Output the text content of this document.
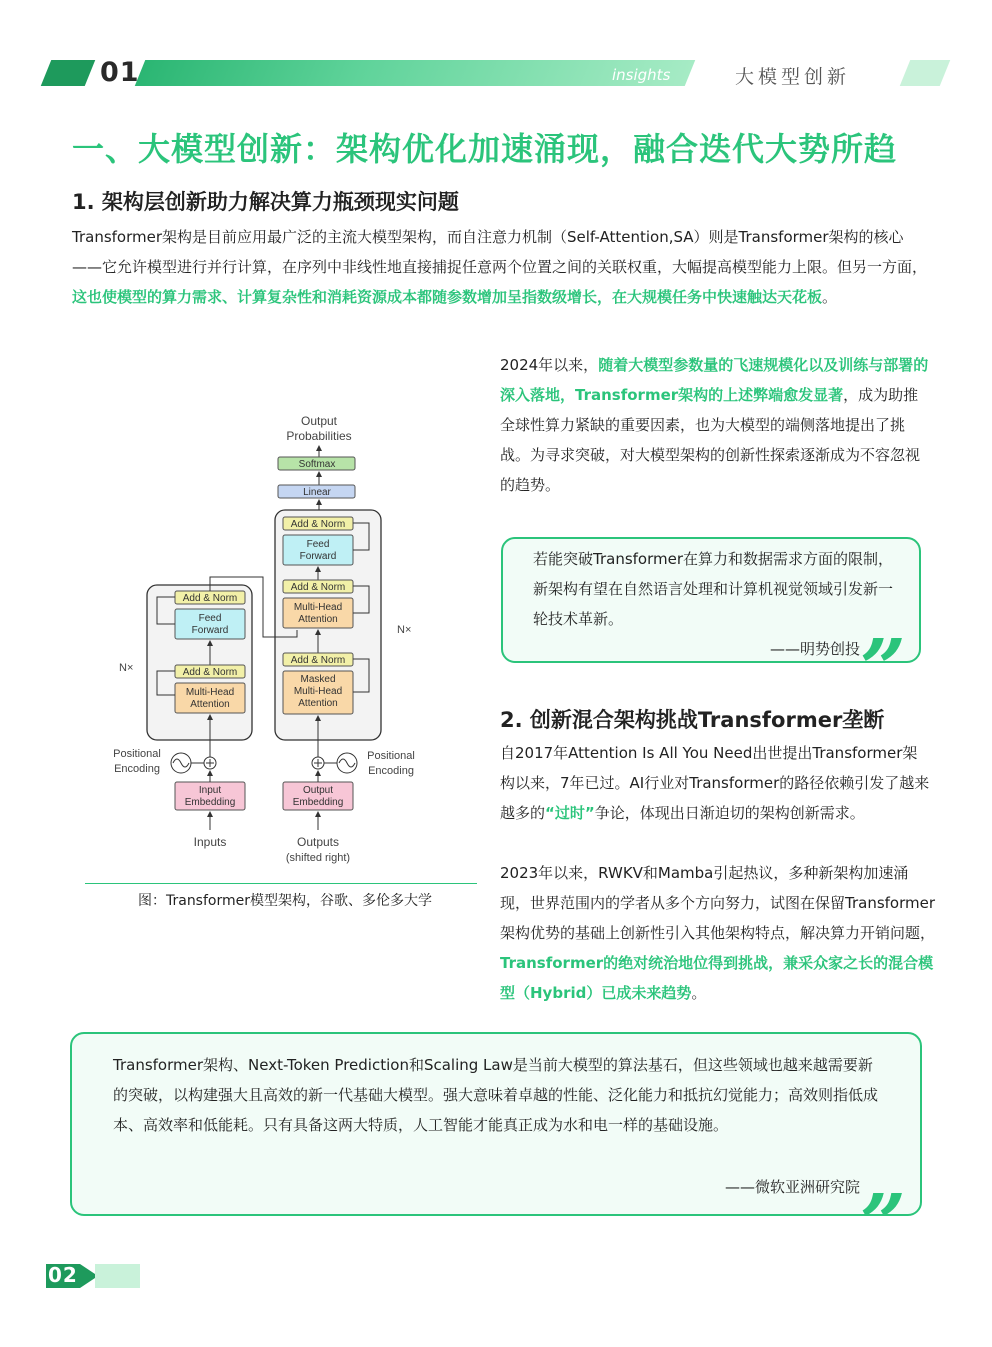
01	insights	大模型创新
一、大模型创新：架构优化加速涌现，融合迭代大势所趋
1. 架构层创新助力解决算力瓶颈现实问题
Transformer架构是目前应用最广泛的主流大模型架构，而自注意力机制（Self-Attention,SA）则是Transformer架构的核心——它允许模型进行并行计算，在序列中非线性地直接捕捉任意两个位置之间的关联权重，大幅提高模型能力上限。但另一方面，这也使模型的算力需求、计算复杂性和消耗资源成本都随参数增加呈指数级增长，在大规模任务中快速触达天花板。
2024年以来，随着大模型参数量的飞速规模化以及训练与部署的深入落地，Transformer架构的上述弊端愈发显著，成为助推全球性算力紧缺的重要因素，也为大模型的端侧落地提出了挑战。为寻求突破，对大模型架构的创新性探索逐渐成为不容忽视的趋势。
若能突破Transformer在算力和数据需求方面的限制，新架构有望在自然语言处理和计算机视觉领域引发新一轮技术革新。
——明势创投 ”
Output
Probabilities
Softmax
Linear
N×
Add & Norm
Feed
Forward
Add & Norm
Multi-Head
Attention
Add & Norm
Masked
Multi-Head
Attention
N×
Add & Norm
Feed
Forward
Add & Norm
Multi-Head
Attention
Positional
Encoding
Positional
Encoding
Input
Embedding
Output
Embedding
Inputs	Outputs
(shifted right)
图：Transformer模型架构，谷歌、多伦多大学
2. 创新混合架构挑战Transformer垄断
自2017年Attention Is All You Need出世提出Transformer架构以来，7年已过。AI行业对Transformer的路径依赖引发了越来越多的“过时”争论，体现出日渐迫切的架构创新需求。
2023年以来，RWKV和Mamba引起热议，多种新架构加速涌现，世界范围内的学者从多个方向努力，试图在保留Transformer架构优势的基础上创新性引入其他架构特点，解决算力开销问题，Transformer的绝对统治地位得到挑战，兼采众家之长的混合模型（Hybrid）已成未来趋势。
Transformer架构、Next-Token Prediction和Scaling Law是当前大模型的算法基石，但这些领域也越来越需要新的突破，以构建强大且高效的新一代基础大模型。强大意味着卓越的性能、泛化能力和抵抗幻觉能力；高效则指低成本、高效率和低能耗。只有具备这两大特质，人工智能才能真正成为水和电一样的基础设施。
——微软亚洲研究院 ”
02
